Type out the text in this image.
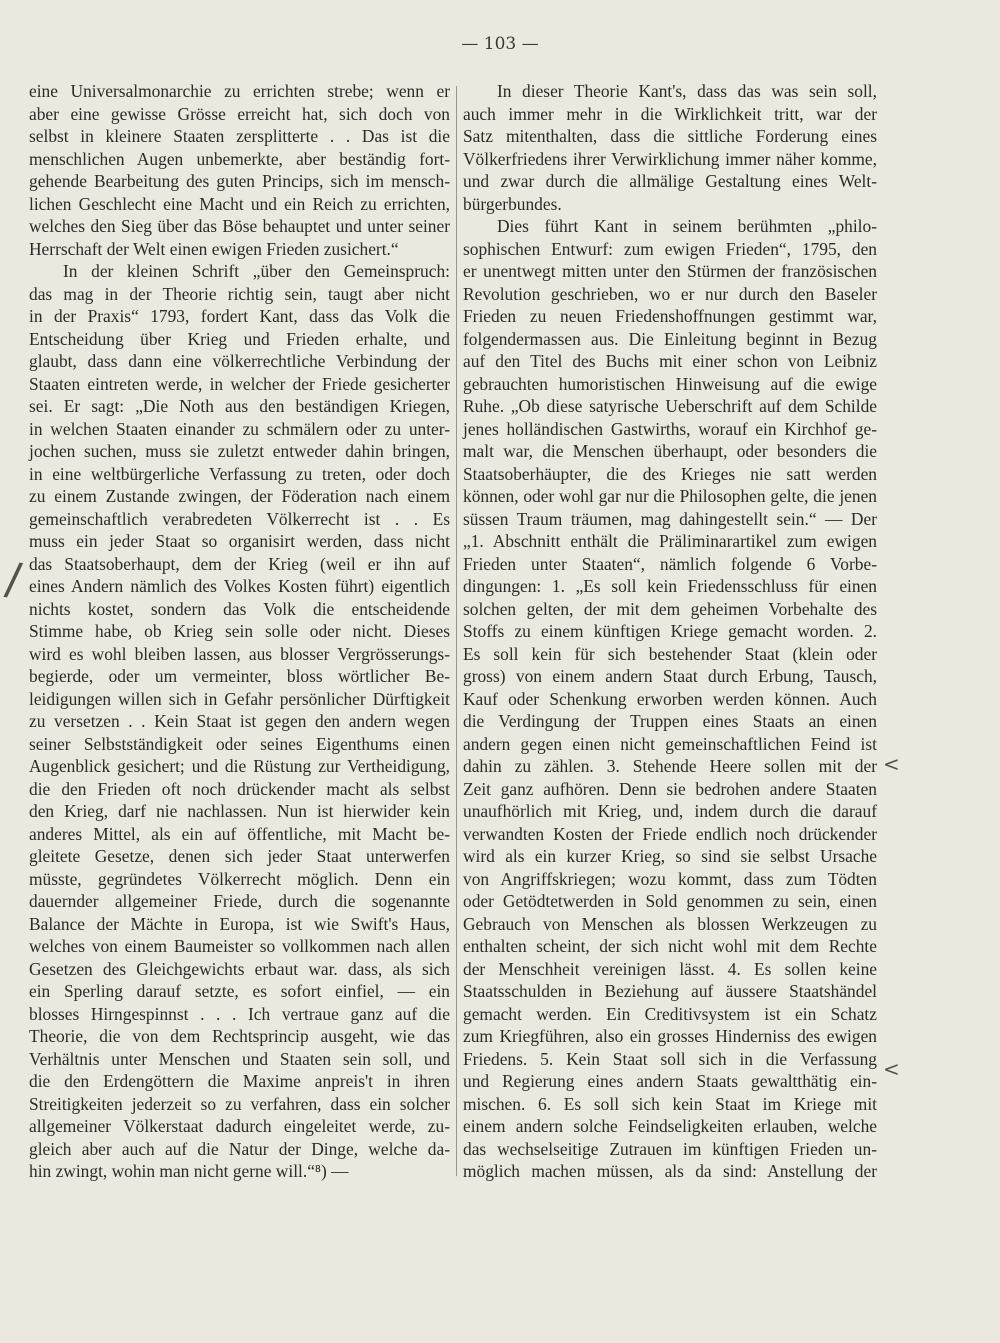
— 103 —
eine Universalmonarchie zu errichten strebe; wenn er
aber eine gewisse Grösse erreicht hat, sich doch von
selbst in kleinere Staaten zersplitterte . . Das ist die
menschlichen Augen unbemerkte, aber beständig fort-
gehende Bearbeitung des guten Princips, sich im mensch-
lichen Geschlecht eine Macht und ein Reich zu errichten,
welches den Sieg über das Böse behauptet und unter seiner
Herrschaft der Welt einen ewigen Frieden zusichert.“
In der kleinen Schrift „über den Gemeinspruch:
das mag in der Theorie richtig sein, taugt aber nicht
in der Praxis“ 1793, fordert Kant, dass das Volk die
Entscheidung über Krieg und Frieden erhalte, und
glaubt, dass dann eine völkerrechtliche Verbindung der
Staaten eintreten werde, in welcher der Friede gesicherter
sei. Er sagt: „Die Noth aus den beständigen Kriegen,
in welchen Staaten einander zu schmälern oder zu unter-
jochen suchen, muss sie zuletzt entweder dahin bringen,
in eine weltbürgerliche Verfassung zu treten, oder doch
zu einem Zustande zwingen, der Föderation nach einem
gemeinschaftlich verabredeten Völkerrecht ist . . Es
muss ein jeder Staat so organisirt werden, dass nicht
das Staatsoberhaupt, dem der Krieg (weil er ihn auf
eines Andern nämlich des Volkes Kosten führt) eigentlich
nichts kostet, sondern das Volk die entscheidende
Stimme habe, ob Krieg sein solle oder nicht. Dieses
wird es wohl bleiben lassen, aus blosser Vergrösserungs-
begierde, oder um vermeinter, bloss wörtlicher Be-
leidigungen willen sich in Gefahr persönlicher Dürftigkeit
zu versetzen . . Kein Staat ist gegen den andern wegen
seiner Selbstständigkeit oder seines Eigenthums einen
Augenblick gesichert; und die Rüstung zur Vertheidigung,
die den Frieden oft noch drückender macht als selbst
den Krieg, darf nie nachlassen. Nun ist hierwider kein
anderes Mittel, als ein auf öffentliche, mit Macht be-
gleitete Gesetze, denen sich jeder Staat unterwerfen
müsste, gegründetes Völkerrecht möglich. Denn ein
dauernder allgemeiner Friede, durch die sogenannte
Balance der Mächte in Europa, ist wie Swift's Haus,
welches von einem Baumeister so vollkommen nach allen
Gesetzen des Gleichgewichts erbaut war. dass, als sich
ein Sperling darauf setzte, es sofort einfiel, — ein
blosses Hirngespinnst . . . Ich vertraue ganz auf die
Theorie, die von dem Rechtsprincip ausgeht, wie das
Verhältnis unter Menschen und Staaten sein soll, und
die den Erdengöttern die Maxime anpreis't in ihren
Streitigkeiten jederzeit so zu verfahren, dass ein solcher
allgemeiner Völkerstaat dadurch eingeleitet werde, zu-
gleich aber auch auf die Natur der Dinge, welche da-
hin zwingt, wohin man nicht gerne will.“⁸) —
In dieser Theorie Kant's, dass das was sein soll,
auch immer mehr in die Wirklichkeit tritt, war der
Satz mitenthalten, dass die sittliche Forderung eines
Völkerfriedens ihrer Verwirklichung immer näher komme,
und zwar durch die allmälige Gestaltung eines Welt-
bürgerbundes.
Dies führt Kant in seinem berühmten „philo-
sophischen Entwurf: zum ewigen Frieden“, 1795, den
er unentwegt mitten unter den Stürmen der französischen
Revolution geschrieben, wo er nur durch den Baseler
Frieden zu neuen Friedenshoffnungen gestimmt war,
folgendermassen aus. Die Einleitung beginnt in Bezug
auf den Titel des Buchs mit einer schon von Leibniz
gebrauchten humoristischen Hinweisung auf die ewige
Ruhe. „Ob diese satyrische Ueberschrift auf dem Schilde
jenes holländischen Gastwirths, worauf ein Kirchhof ge-
malt war, die Menschen überhaupt, oder besonders die
Staatsoberhäupter, die des Krieges nie satt werden
können, oder wohl gar nur die Philosophen gelte, die jenen
süssen Traum träumen, mag dahingestellt sein.“ — Der
„1. Abschnitt enthält die Präliminarartikel zum ewigen
Frieden unter Staaten“, nämlich folgende 6 Vorbe-
dingungen: 1. „Es soll kein Friedensschluss für einen
solchen gelten, der mit dem geheimen Vorbehalte des
Stoffs zu einem künftigen Kriege gemacht worden. 2.
Es soll kein für sich bestehender Staat (klein oder
gross) von einem andern Staat durch Erbung, Tausch,
Kauf oder Schenkung erworben werden können. Auch
die Verdingung der Truppen eines Staats an einen
andern gegen einen nicht gemeinschaftlichen Feind ist
dahin zu zählen. 3. Stehende Heere sollen mit der
Zeit ganz aufhören. Denn sie bedrohen andere Staaten
unaufhörlich mit Krieg, und, indem durch die darauf
verwandten Kosten der Friede endlich noch drückender
wird als ein kurzer Krieg, so sind sie selbst Ursache
von Angriffskriegen; wozu kommt, dass zum Tödten
oder Getödtetwerden in Sold genommen zu sein, einen
Gebrauch von Menschen als blossen Werkzeugen zu
enthalten scheint, der sich nicht wohl mit dem Rechte
der Menschheit vereinigen lässt. 4. Es sollen keine
Staatsschulden in Beziehung auf äussere Staatshändel
gemacht werden. Ein Creditivsystem ist ein Schatz
zum Kriegführen, also ein grosses Hinderniss des ewigen
Friedens. 5. Kein Staat soll sich in die Verfassung
und Regierung eines andern Staats gewaltthätig ein-
mischen. 6. Es soll sich kein Staat im Kriege mit
einem andern solche Feindseligkeiten erlauben, welche
das wechselseitige Zutrauen im künftigen Frieden un-
möglich machen müssen, als da sind: Anstellung der
/
<
<
